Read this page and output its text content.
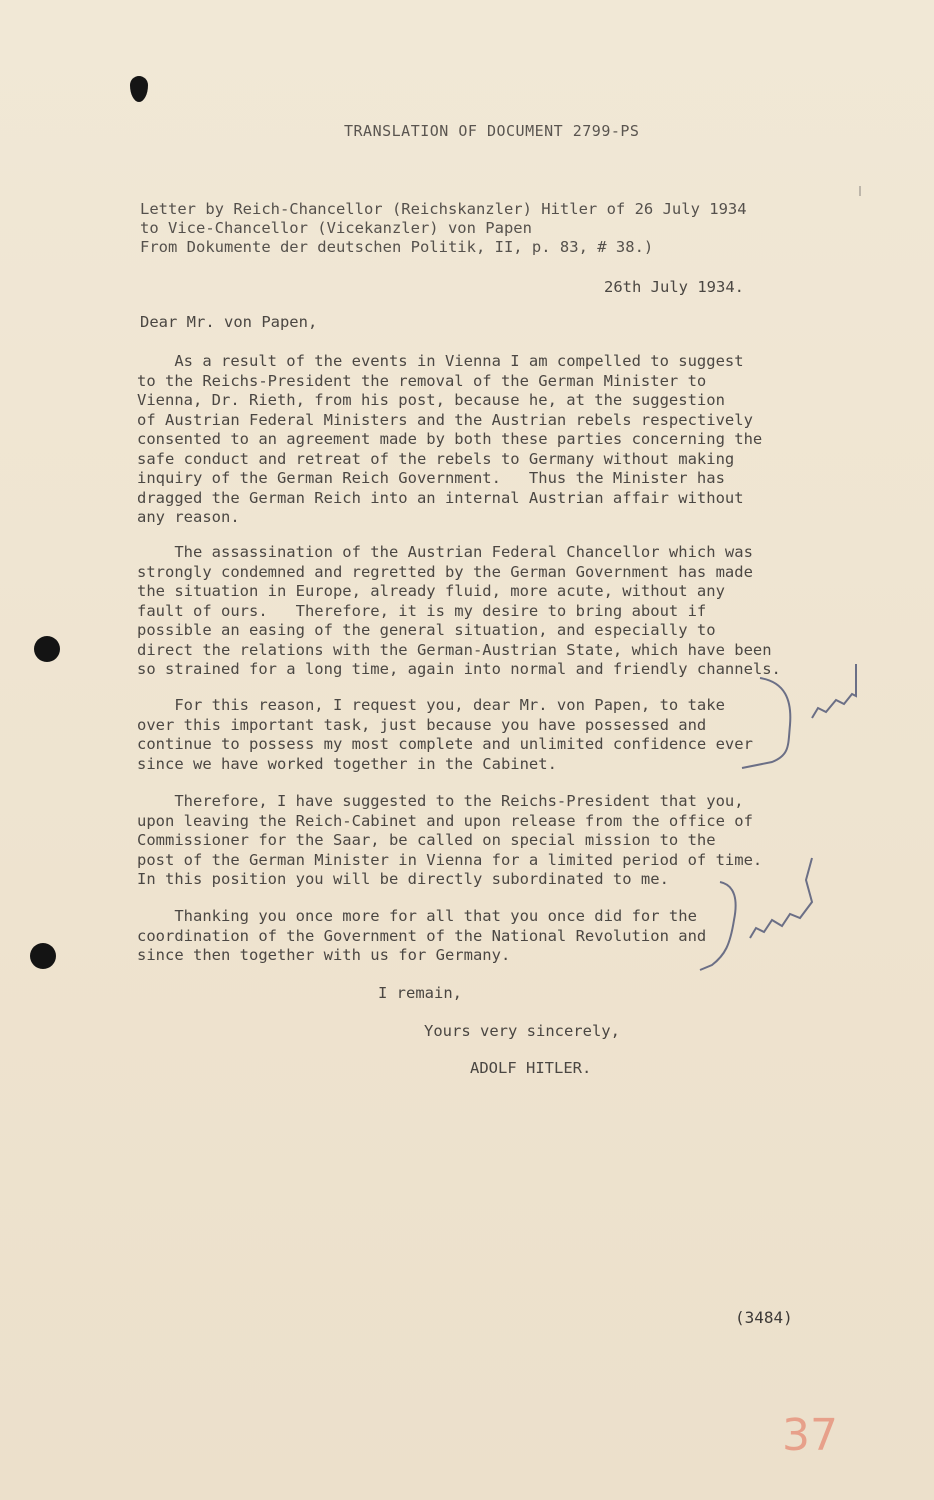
TRANSLATION OF DOCUMENT 2799-PS
Letter by Reich-Chancellor (Reichskanzler) Hitler of 26 July 1934
to Vice-Chancellor (Vicekanzler) von Papen
From Dokumente der deutschen Politik, II, p. 83, # 38.)
26th July 1934.
Dear Mr. von Papen,
As a result of the events in Vienna I am compelled to suggest
to the Reichs-President the removal of the German Minister to
Vienna, Dr. Rieth, from his post, because he, at the suggestion
of Austrian Federal Ministers and the Austrian rebels respectively
consented to an agreement made by both these parties concerning the
safe conduct and retreat of the rebels to Germany without making
inquiry of the German Reich Government.   Thus the Minister has
dragged the German Reich into an internal Austrian affair without
any reason.
The assassination of the Austrian Federal Chancellor which was
strongly condemned and regretted by the German Government has made
the situation in Europe, already fluid, more acute, without any
fault of ours.   Therefore, it is my desire to bring about if
possible an easing of the general situation, and especially to
direct the relations with the German-Austrian State, which have been
so strained for a long time, again into normal and friendly channels.
For this reason, I request you, dear Mr. von Papen, to take
over this important task, just because you have possessed and
continue to possess my most complete and unlimited confidence ever
since we have worked together in the Cabinet.
Therefore, I have suggested to the Reichs-President that you,
upon leaving the Reich-Cabinet and upon release from the office of
Commissioner for the Saar, be called on special mission to the
post of the German Minister in Vienna for a limited period of time.
In this position you will be directly subordinated to me.
Thanking you once more for all that you once did for the
coordination of the Government of the National Revolution and
since then together with us for Germany.
I remain,
Yours very sincerely,
ADOLF HITLER.
(3484)
37
